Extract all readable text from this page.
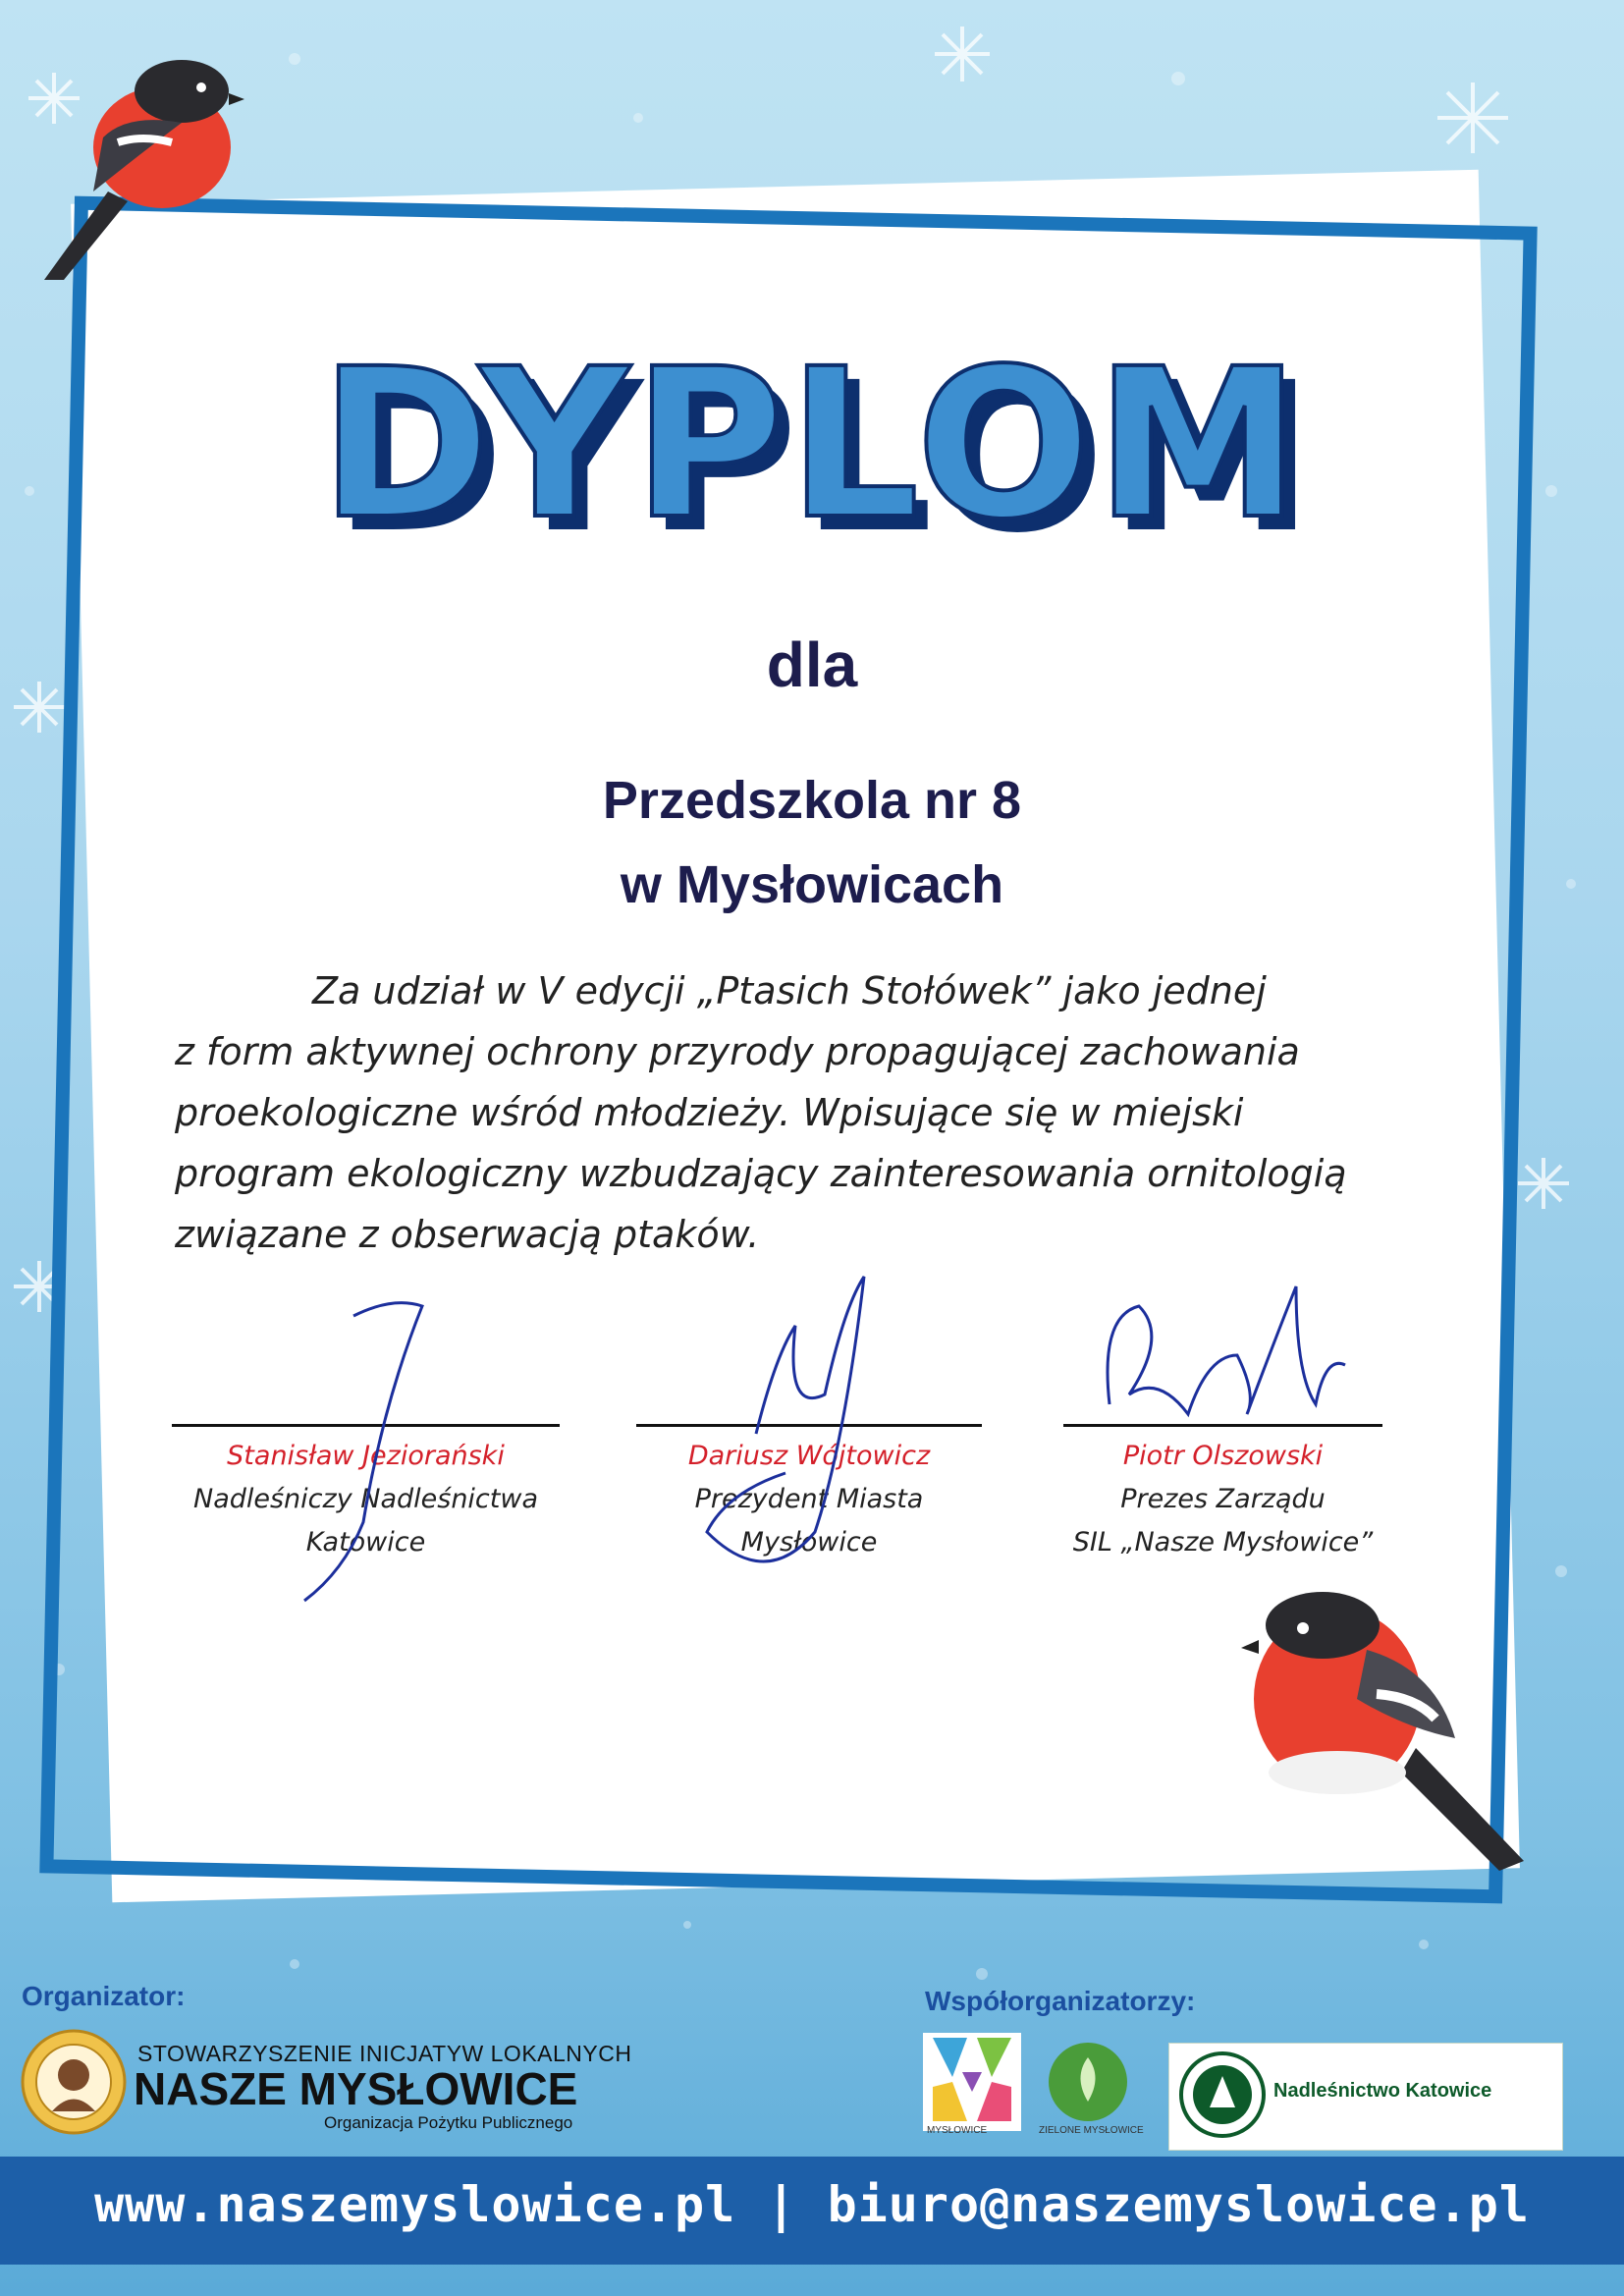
DYPLOM
dla
Przedszkola nr 8
w Mysłowicach
Za udział w V edycji „Ptasich Stołówek” jako jednej
z form aktywnej ochrony przyrody propagującej zachowania
proekologiczne wśród młodzieży. Wpisujące się w miejski
program ekologiczny wzbudzający zainteresowania ornitologią
związane z obserwacją ptaków.
Stanisław Jeziorański
Nadleśniczy Nadleśnictwa
Katowice
Dariusz Wójtowicz
Prezydent Miasta Mysłowice
Piotr Olszowski
Prezes Zarządu
SIL „Nasze Mysłowice”
Organizator:
STOWARZYSZENIE INICJATYW LOKALNYCH
NASZE MYSŁOWICE
Organizacja Pożytku Publicznego
Współorganizatorzy:
MYSŁOWICE	ZIELONE MYSŁOWICE
Nadleśnictwo Katowice
www.naszemyslowice.pl | biuro@naszemyslowice.pl
